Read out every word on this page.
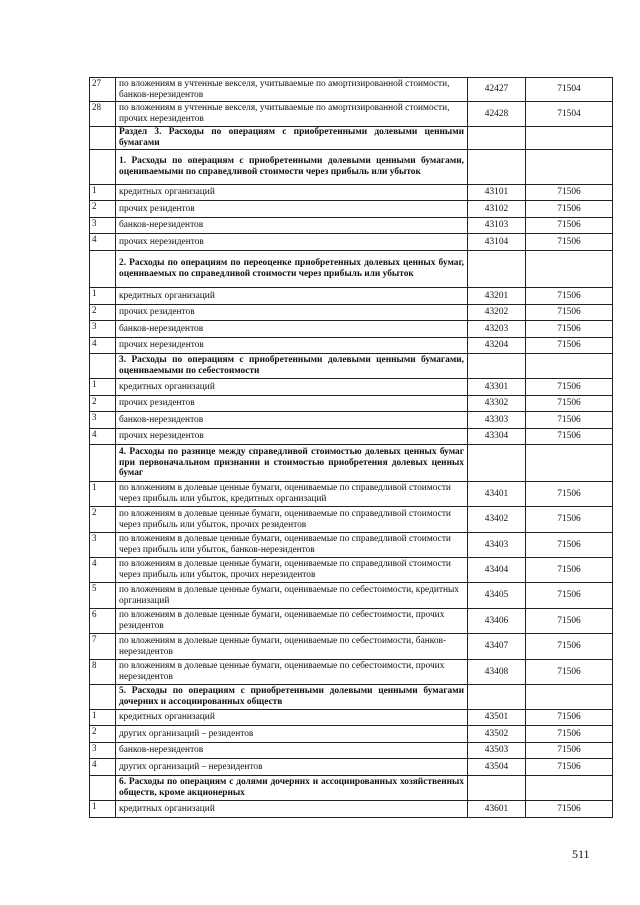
27	по вложениям в учтенные векселя, учитываемые по амортизированной стоимости, банков-нерезидентов	42427	71504
28	по вложениям в учтенные векселя, учитываемые по амортизированной стоимости, прочих нерезидентов	42428	71504
	Раздел 3. Расходы по операциям с приобретенными долевыми ценными бумагами		
	1. Расходы по операциям с приобретенными долевыми ценными бумагами, оцениваемыми по справедливой стоимости через прибыль или убыток		
1	кредитных организаций	43101	71506
2	прочих резидентов	43102	71506
3	банков-нерезидентов	43103	71506
4	прочих нерезидентов	43104	71506
	2. Расходы по операциям по переоценке приобретенных долевых ценных бумаг, оцениваемых по справедливой стоимости через прибыль или убыток		
1	кредитных организаций	43201	71506
2	прочих резидентов	43202	71506
3	банков-нерезидентов	43203	71506
4	прочих нерезидентов	43204	71506
	3. Расходы по операциям с приобретенными долевыми ценными бумагами, оцениваемыми по себестоимости		
1	кредитных организаций	43301	71506
2	прочих резидентов	43302	71506
3	банков-нерезидентов	43303	71506
4	прочих нерезидентов	43304	71506
	4. Расходы по разнице между справедливой стоимостью долевых ценных бумаг при первоначальном признании и стоимостью приобретения долевых ценных бумаг		
1	по вложениям в долевые ценные бумаги, оцениваемые по справедливой стоимости через прибыль или убыток, кредитных организаций	43401	71506
2	по вложениям в долевые ценные бумаги, оцениваемые по справедливой стоимости через прибыль или убыток, прочих резидентов	43402	71506
3	по вложениям в долевые ценные бумаги, оцениваемые по справедливой стоимости через прибыль или убыток, банков-нерезидентов	43403	71506
4	по вложениям в долевые ценные бумаги, оцениваемые по справедливой стоимости через прибыль или убыток, прочих нерезидентов	43404	71506
5	по вложениям в долевые ценные бумаги, оцениваемые по себестоимости, кредитных организаций	43405	71506
6	по вложениям в долевые ценные бумаги, оцениваемые по себестоимости, прочих резидентов	43406	71506
7	по вложениям в долевые ценные бумаги, оцениваемые по себестоимости, банков-нерезидентов	43407	71506
8	по вложениям в долевые ценные бумаги, оцениваемые по себестоимости, прочих нерезидентов	43408	71506
	5. Расходы по операциям с приобретенными долевыми ценными бумагами дочерних и ассоциированных обществ		
1	кредитных организаций	43501	71506
2	других организаций – резидентов	43502	71506
3	банков-нерезидентов	43503	71506
4	других организаций – нерезидентов	43504	71506
	6. Расходы по операциям с долями дочерних и ассоциированных хозяйственных обществ, кроме акционерных		
1	кредитных организаций	43601	71506
511
